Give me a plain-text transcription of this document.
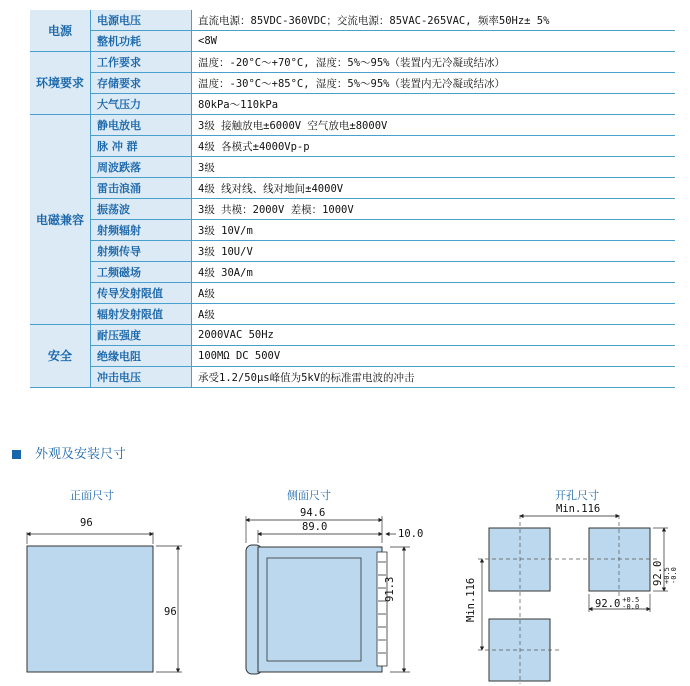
电源	电源电压	直流电源：85VDC-360VDC；交流电源：85VAC-265VAC, 频率50Hz± 5%
	整机功耗	<8W
环境要求	工作要求	温度：-20°C～+70°C, 湿度：5%～95%（装置内无冷凝或结冰）
	存储要求	温度：-30°C～+85°C, 湿度：5%～95%（装置内无冷凝或结冰）
	大气压力	80kPa～110kPa
电磁兼容	静电放电	3级 接触放电±6000V 空气放电±8000V
	脉 冲 群	4级 各模式±4000Vp-p
	周波跌落	3级
	雷击浪涌	4级 线对线、线对地间±4000V
	振荡波	3级 共模：2000V 差模：1000V
	射频辐射	3级 10V/m
	射频传导	3级 10U/V
	工频磁场	4级 30A/m
	传导发射限值	A级
	辐射发射限值	A级
安全	耐压强度	2000VAC 50Hz
	绝缘电阻	100MΩ DC 500V
	冲击电压	承受1.2/50μs峰值为5kV的标准雷电波的冲击
外观及安装尺寸
正面尺寸	侧面尺寸	开孔尺寸
96
96
94.6
89.0
10.0
91.3
Min.116
Min.116	92.0 +0.5
-0.0
92.0+0.5
-0.0
